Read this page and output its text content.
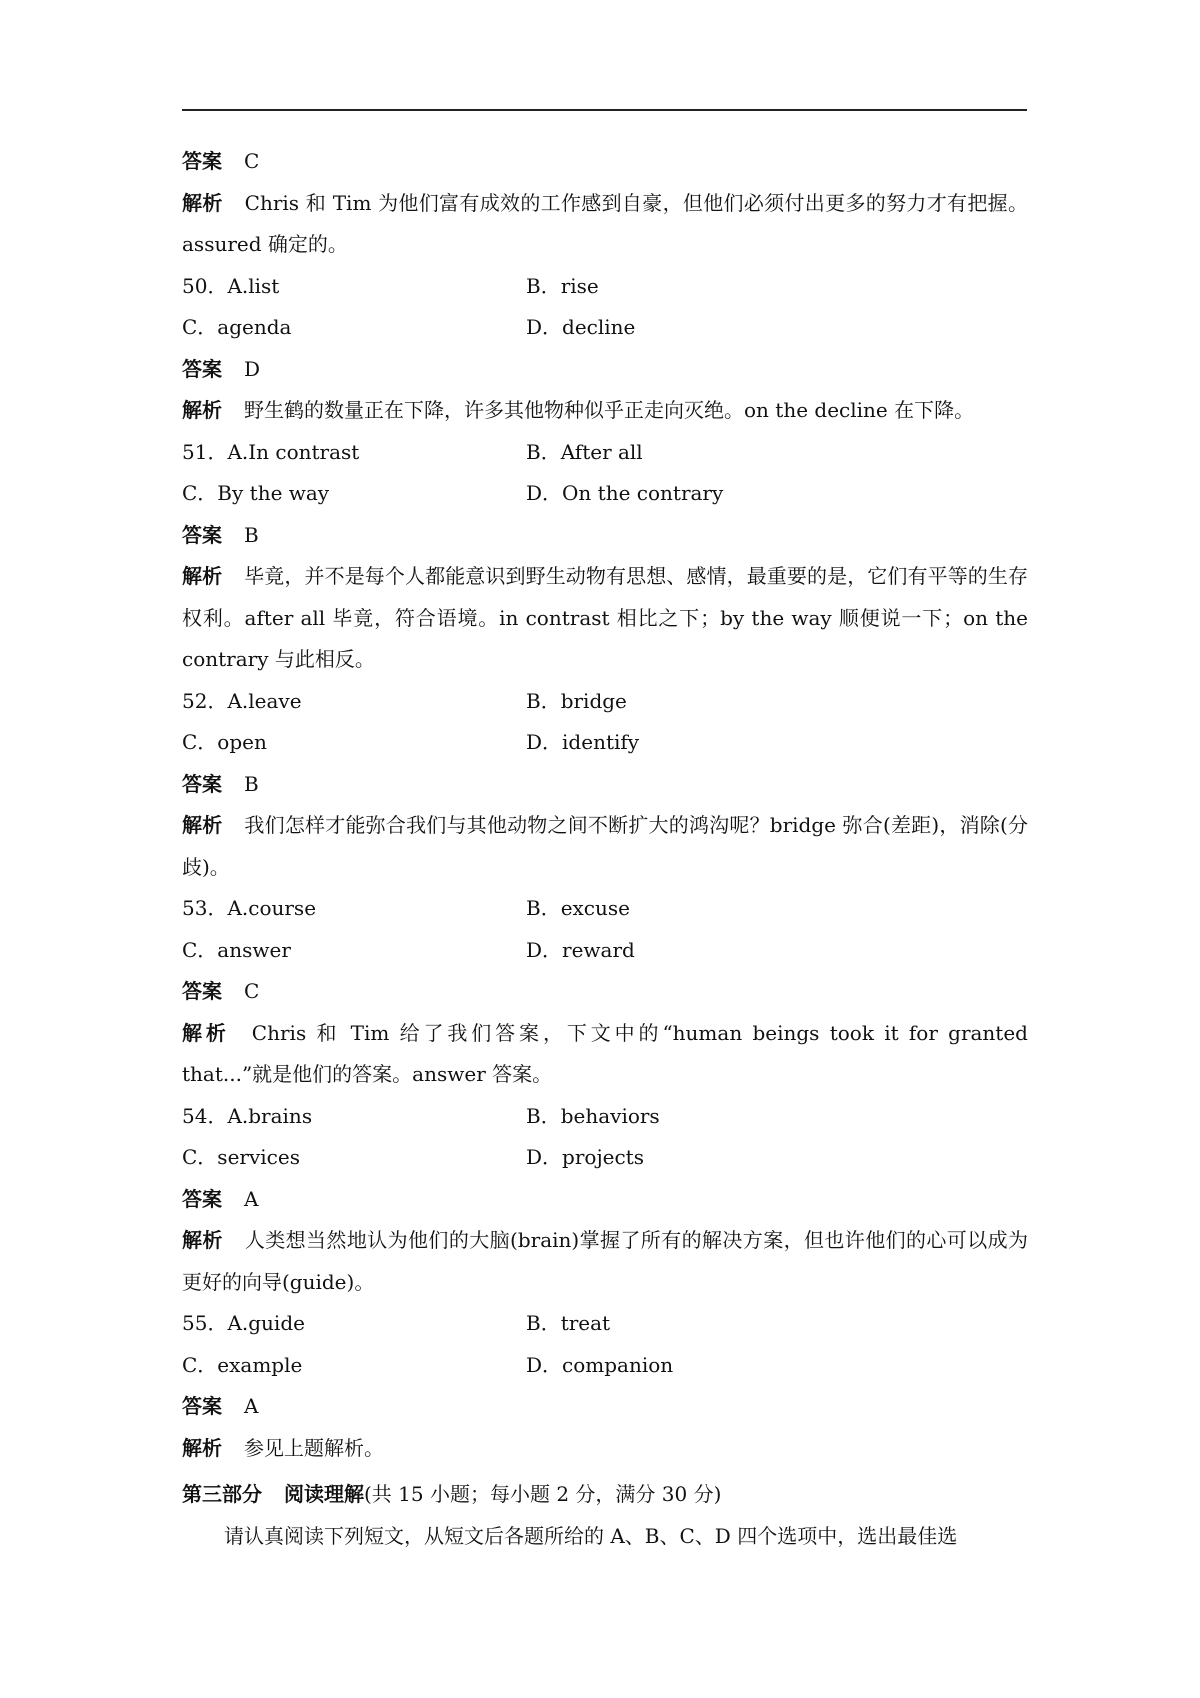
答案 C
解析 Chris 和 Tim 为他们富有成效的工作感到自豪，但他们必须付出更多的努力才有把握。assured 确定的。
50．A.list	B．rise
C．agenda	D．decline
答案 D
解析 野生鹤的数量正在下降，许多其他物种似乎正走向灭绝。on the decline 在下降。
51．A.In contrast	B．After all
C．By the way	D．On the contrary
答案 B
解析 毕竟，并不是每个人都能意识到野生动物有思想、感情，最重要的是，它们有平等的生存权利。after all 毕竟，符合语境。in contrast 相比之下；by the way 顺便说一下；on the contrary 与此相反。
52．A.leave	B．bridge
C．open	D．identify
答案 B
解析 我们怎样才能弥合我们与其他动物之间不断扩大的鸿沟呢？bridge 弥合(差距)，消除(分歧)。
53．A.course	B．excuse
C．answer	D．reward
答案 C
解析 Chris 和 Tim 给了我们答案，下文中的“human beings took it for granted that...”就是他们的答案。answer 答案。
54．A.brains	B．behaviors
C．services	D．projects
答案 A
解析 人类想当然地认为他们的大脑(brain)掌握了所有的解决方案，但也许他们的心可以成为更好的向导(guide)。
55．A.guide	B．treat
C．example	D．companion
答案 A
解析 参见上题解析。
第三部分 阅读理解(共 15 小题；每小题 2 分，满分 30 分)
请认真阅读下列短文，从短文后各题所给的 A、B、C、D 四个选项中，选出最佳选
